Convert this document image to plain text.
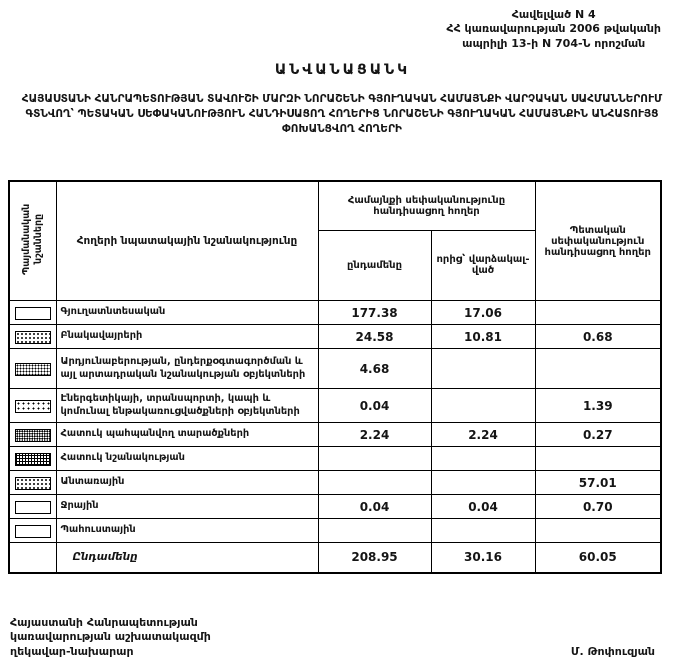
Հավելված N 4
ՀՀ կառավարության 2006 թվականի
ապրիլի 13-ի N 704-Ն որոշման
ԱՆՎԱՆԱՑԱՆԿ
ՀԱՅԱՍՏԱՆԻ ՀԱՆՐԱՊԵՏՈՒԹՅԱՆ ՏԱՎՈՒՇԻ ՄԱՐԶԻ ՆՈՐԱՇԵՆԻ ԳՅՈՒՂԱԿԱՆ ՀԱՄԱՅՆՔԻ ՎԱՐՉԱԿԱՆ ՍԱՀՄԱՆՆԵՐՈՒՄ ԳՏՆՎՈՂ՝ ՊԵՏԱԿԱՆ ՍԵՓԱԿԱՆՈՒԹՅՈՒՆ ՀԱՆԴԻՍԱՑՈՂ ՀՈՂԵՐԻՑ ՆՈՐԱՇԵՆԻ ԳՅՈՒՂԱԿԱՆ ՀԱՄԱՅՆՔԻՆ ԱՆՀԱՏՈՒՅՑ ՓՈԽԱՆՑՎՈՂ ՀՈՂԵՐԻ
Պայմանական նշանները	Հողերի նպատակային նշանակությունը	Համայնքի սեփականությունը հանդիսացող հողեր		Պետական սեփականություն հանդիսացող հողեր
		ընդամենը	որից՝ վարձակալ-ված	
	Գյուղատնտեսական	177.38	17.06	
	Բնակավայրերի	24.58	10.81	0.68
	Արդյունաբերության, ընդերքօգտագործման և այլ արտադրական նշանակության օբյեկտների	4.68		
	Էներգետիկայի, տրանսպորտի, կապի և կոմունալ ենթակառուցվածքների օբյեկտների	0.04		1.39
	Հատուկ պահպանվող տարածքների	2.24	2.24	0.27
	Հատուկ նշանակության			
	Անտառային			57.01
	Ջրային	0.04	0.04	0.70
	Պահուստային			
	Ընդամենը	208.95	30.16	60.05
Հայաստանի Հանրապետության
կառավարության աշխատակազմի
ղեկավար-նախարար	Մ. Թոփուզյան
